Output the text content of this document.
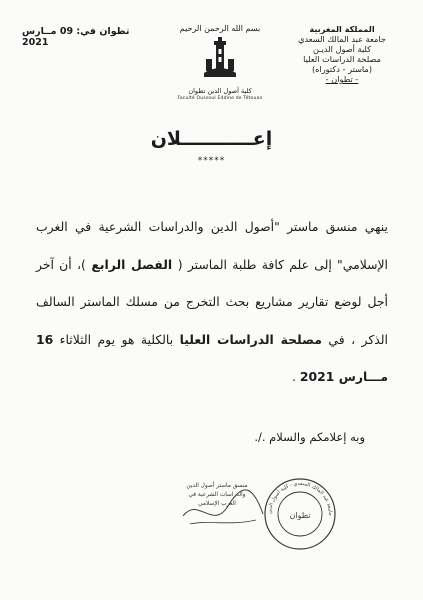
المملكة المغربية
جامعة عبد المالك السعدي
كلية أصول الديـن
مصلحة الدراسات العليا
(ماستر - دكتوراه)
- تطوان -
بسم الله الرحمن الرحيم
كلية أصول الدين تطوان
Faculté Oussoul Eddine de Tétouan
تطوان في: 09 مــارس 2021
إعـــــــــــلان
*****
ينهي منسق ماستر "أصول الدين والدراسات الشرعية في الغرب الإسلامي" إلى علم كافة طلبة الماستر ( الفصل الرابع )، أن آخر أجل لوضع تقارير مشاريع بحث التخرج من مسلك الماستر السالف الذكر ، في مصلحة الدراسات العليا بالكلية هو يوم الثلاثاء 16 مـــارس 2021 .
وبه إعلامكم والسلام ./.
منسق ماستر أصول الدين
والدراسات الشرعية في
الغرب الإسلامي
تطوان
جامعة عبد المالك السعدي - كلية أصول الدين
